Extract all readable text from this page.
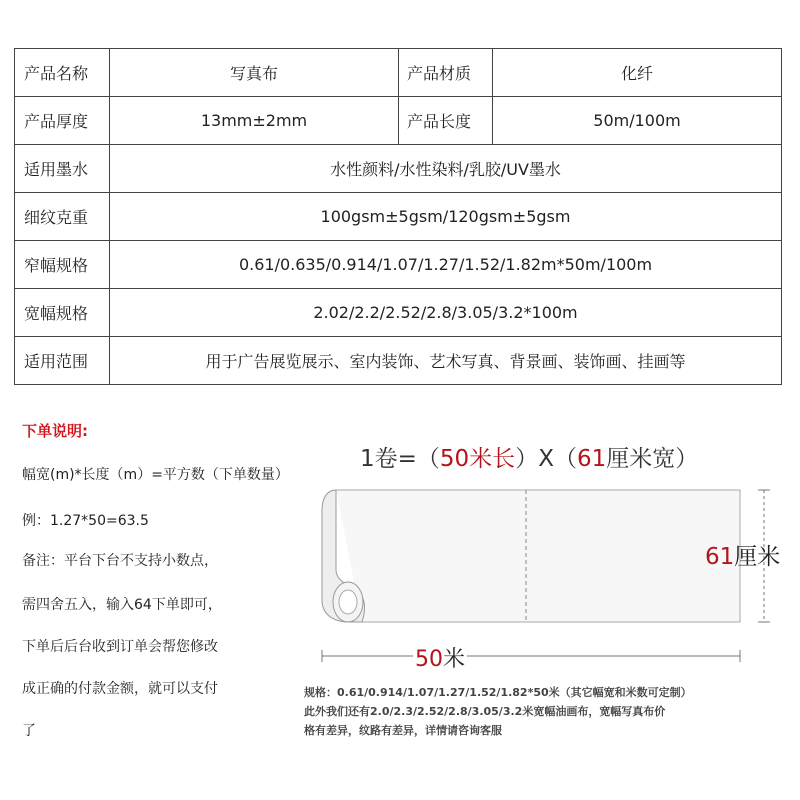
产品名称	写真布	产品材质	化纤
产品厚度	13mm±2mm	产品长度	50m/100m
适用墨水	水性颜料/水性染料/乳胶/UV墨水		
细纹克重	100gsm±5gsm/120gsm±5gsm		
窄幅规格	0.61/0.635/0.914/1.07/1.27/1.52/1.82m*50m/100m		
宽幅规格	2.02/2.2/2.52/2.8/3.05/3.2*100m		
适用范围	用于广告展览展示、室内装饰、艺术写真、背景画、装饰画、挂画等		
下单说明:
幅宽(m)*长度（m）=平方数（下单数量）
例：1.27*50=63.5
备注：平台下台不支持小数点，
需四舍五入，输入64下单即可，
下单后后台收到订单会帮您修改
成正确的付款金额，就可以支付
了
1卷=（50米长）X（61厘米宽）
61厘米
50米
规格：0.61/0.914/1.07/1.27/1.52/1.82*50米（其它幅宽和米数可定制）
此外我们还有2.0/2.3/2.52/2.8/3.05/3.2米宽幅油画布，宽幅写真布价
格有差异，纹路有差异，详情请咨询客服
